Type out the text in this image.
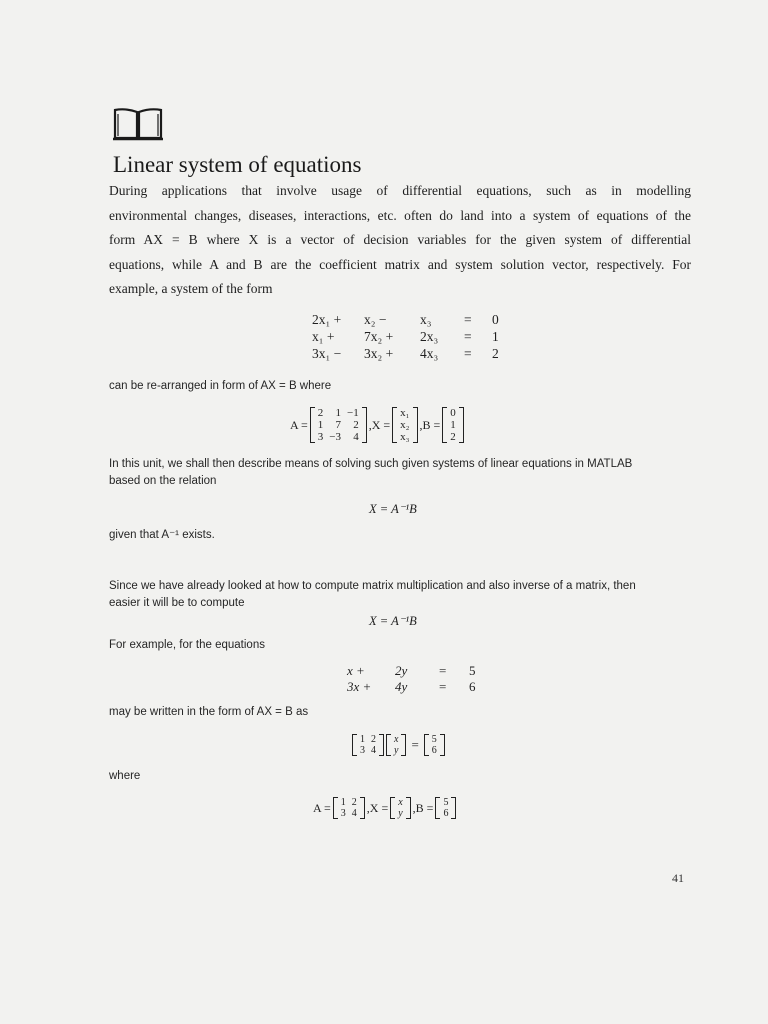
Linear system of equations
During applications that involve usage of differential equations, such as in modelling
environmental changes, diseases, interactions, etc. often do land into a system of equations of the
form AX = B where X is a vector of decision variables for the given system of differential
equations, while A and B are the coefficient matrix and system solution vector, respectively. For
example, a system of the form
2x₁ +	x₂ −	x₃	=	0
x₁ +	7x₂ +	2x₃	=	1
3x₁ −	3x₂ +	4x₃	=	2
can be re-arranged in form of AX = B where
A =
2	1	−1
1	7	2
3	−3	4
,X =
x₁
x₂
x₃
,B =
0
1
2
In this unit, we shall then describe means of solving such given systems of linear equations in MATLAB
based on the relation
X = A⁻¹B
given that A⁻¹ exists.
Since we have already looked at how to compute matrix multiplication and also inverse of a matrix, then
easier it will be to compute
X = A⁻¹B
For example, for the equations
x +	2y	=	5
3x +	4y	=	6
may be written in the form of AX = B as
1	2
3	4
x
y =	5
6
where
A = 1	2
3	4 ,X = x
y ,B = 5
6
41
